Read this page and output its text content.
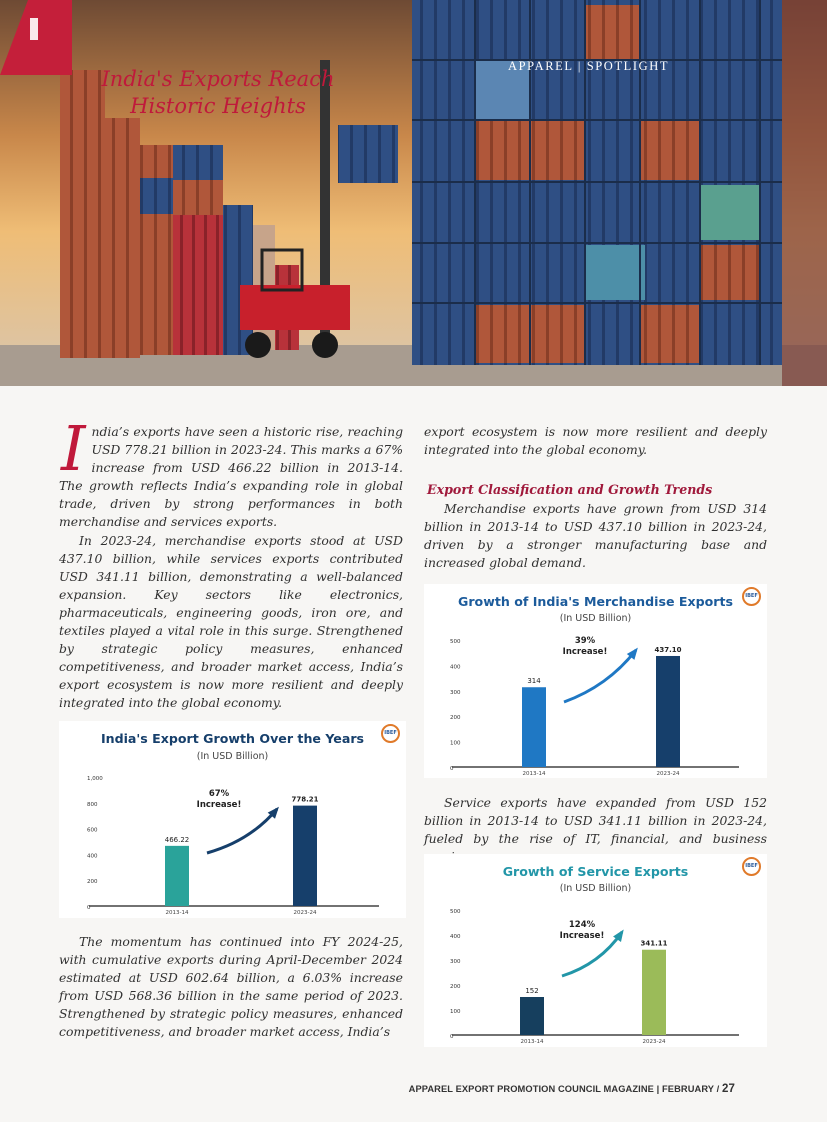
India's Exports Reach
Historic Heights
APPAREL | SPOTLIGHT

India’s exports have seen a historic rise, reaching USD 778.21 billion in 2023-24. This marks a 67% increase from USD 466.22 billion in 2013-14. The growth reflects India’s expanding role in global trade, driven by strong performances in both merchandise and services exports.

In 2023-24, merchandise exports stood at USD 437.10 billion, while services exports contributed USD 341.11 billion, demonstrating a well-balanced expansion. Key sectors like electronics, pharmaceuticals, engineering goods, iron ore, and textiles played a vital role in this surge. Strengthened by strategic policy measures, enhanced competitiveness, and broader market access, India’s export ecosystem is now more resilient and deeply integrated into the global economy.

India's Export Growth Over the Years
(In USD Billion)
IBEF
0
200
400
600
800
1,000
466.22
2013-14
778.21
2023-24
67%
Increase!

The momentum has continued into FY 2024-25, with cumulative exports during April-December 2024 estimated at USD 602.64 billion, a 6.03% increase from USD 568.36 billion in the same period of 2023. Strengthened by strategic policy measures, enhanced competitiveness, and broader market access, India’s

export ecosystem is now more resilient and deeply integrated into the global economy.

Export Classification and Growth Trends

Merchandise exports have grown from USD 314 billion in 2013-14 to USD 437.10 billion in 2023-24, driven by a stronger manufacturing base and increased global demand.

Growth of India's Merchandise Exports
(In USD Billion)
IBEF
0
100
200
300
400
500
314
2013-14
437.10
2023-24
39%
Increase!

Service exports have expanded from USD 152 billion in 2013-14 to USD 341.11 billion in 2023-24, fueled by the rise of IT, financial, and business

Growth of Service Exports
(In USD Billion)
IBEF
0
100
200
300
400
500
152
2013-14
341.11
2023-24
124%
Increase!
APPAREL EXPORT PROMOTION COUNCIL MAGAZINE | FEBRUARY / 27
